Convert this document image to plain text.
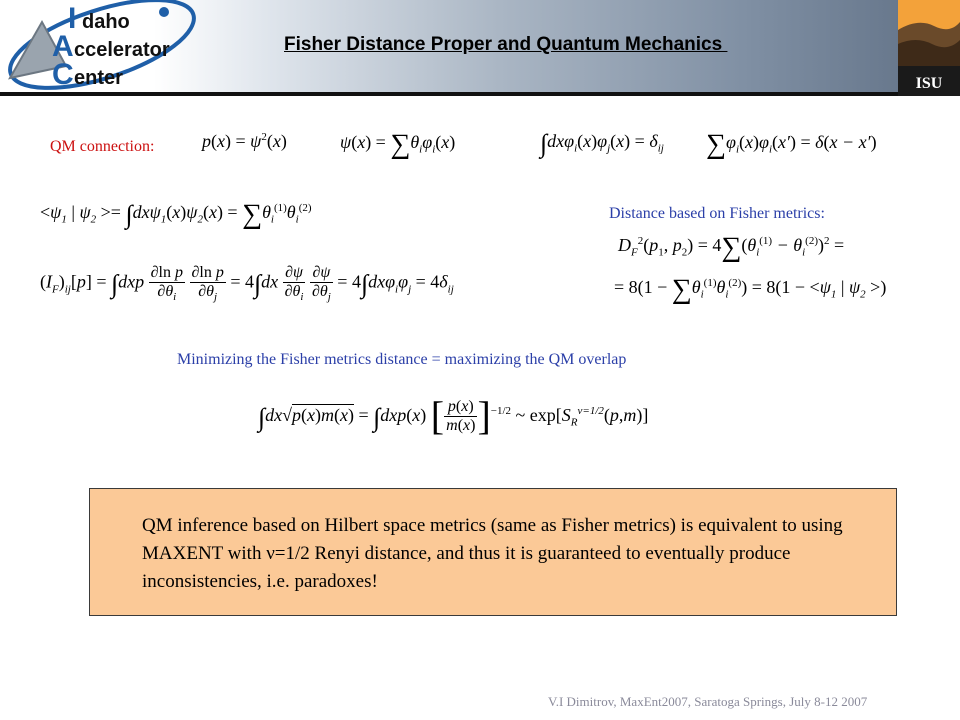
I daho
A ccelerator
C enter
Fisher Distance Proper and Quantum Mechanics
ISU
QM connection:	$p(x) = \psi^2(x)$	$\psi(x) = \sum\theta_i\varphi_i(x)$	$\int dx\varphi_i(x)\varphi_j(x) = \delta_{ij}$ $\sum\varphi_i(x)\varphi_i(x') = \delta(x - x')$
$<\psi_1$ | $\psi_2 >= \int dx\psi_1(x)\psi_2(x) = \sum\theta_i^{(1)}\theta_i^{(2)}$	Distance based on Fisher metrics:
$D_F^2(p_1$, $p_2) = 4\sum(\theta_i^{(1)} - \theta_i^{(2)})^2$ =
= $8(1 - \sum\theta_i^{(1)}\theta_i^{(2)}) = 8(1 - <\psi_1$ | $\psi_2$ >)
$(I_F)_{ij}[p] = \int dxp \frac{\text{∂ln p}}{\partial\theta_i}$
$\frac{\text{∂ln p}}{\partial\theta_j} = 4\int dx \frac{\partial\psi}{\partial\theta_i}$
$\frac{\partial\psi}{\partial\theta_j} = 4\int dx\varphi_i\varphi_j = 4\delta_{ij}$
Minimizing the Fisher metrics distance = maximizing the QM overlap
∫dx√p(x)m(x) = ∫dxp(x) [ $\frac{p(x)}{m(x)} ]^{-1/2}$ ~ $\exp[S_R^{\nu=1/2}(p,m)]$
QM inference based on Hilbert space metrics (same as Fisher metrics) is equivalent to using MAXENT with ν=1/2 Renyi distance, and thus it is guaranteed to eventually produce inconsistencies, i.e. paradoxes!
V.I Dimitrov, MaxEnt2007, Saratoga Springs, July 8-12 2007
